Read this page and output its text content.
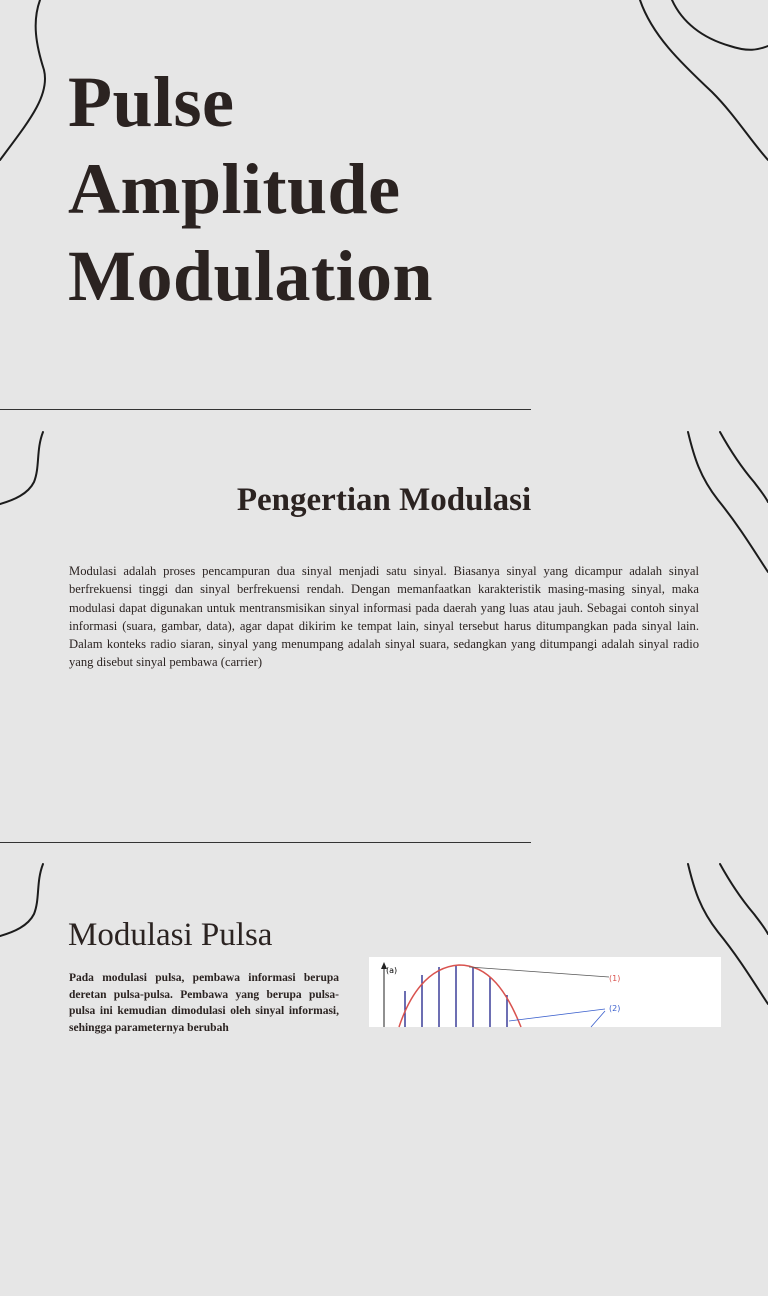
Pulse
Amplitude
Modulation
Pengertian Modulasi

Modulasi adalah proses pencampuran dua sinyal menjadi satu sinyal. Biasanya sinyal yang dicampur adalah sinyal berfrekuensi tinggi dan sinyal berfrekuensi rendah. Dengan memanfaatkan karakteristik masing-masing sinyal, maka modulasi dapat digunakan untuk mentransmisikan sinyal informasi pada daerah yang luas atau jauh. Sebagai contoh sinyal informasi (suara, gambar, data), agar dapat dikirim ke tempat lain, sinyal tersebut harus ditumpangkan pada sinyal lain. Dalam konteks radio siaran, sinyal yang menumpang adalah sinyal suara, sedangkan yang ditumpangi adalah sinyal radio yang disebut sinyal pembawa (carrier)

Modulasi Pulsa

Pada modulasi pulsa, pembawa informasi berupa deretan pulsa-pulsa. Pembawa yang berupa pulsa-pulsa ini kemudian dimodulasi oleh sinyal informasi, sehingga parameternya berubah

(a)
(1)
(2)
